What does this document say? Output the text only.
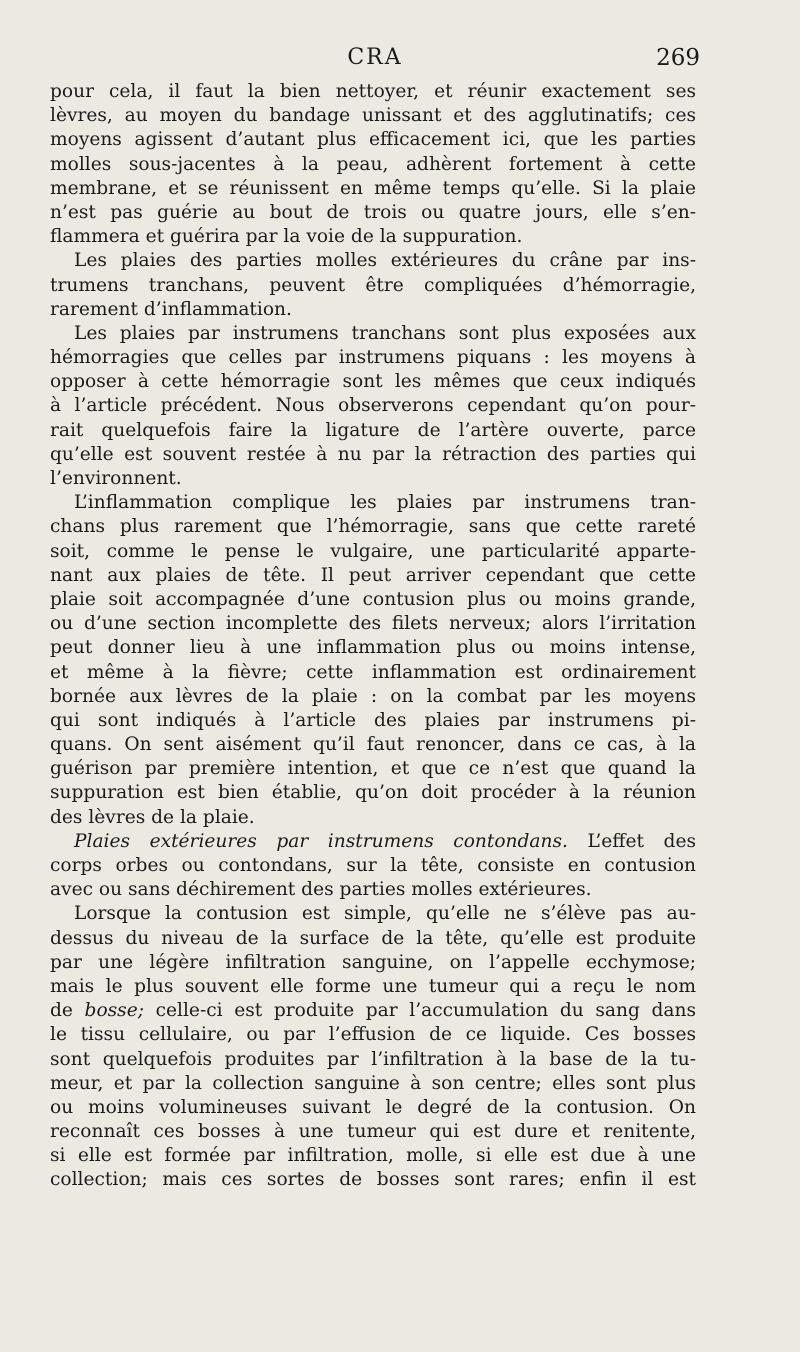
CRA	269
pour cela, il faut la bien nettoyer, et réunir exactement ses
lèvres, au moyen du bandage unissant et des agglutinatifs; ces
moyens agissent d’autant plus efficacement ici, que les parties
molles sous-jacentes à la peau, adhèrent fortement à cette
membrane, et se réunissent en même temps qu’elle. Si la plaie
n’est pas guérie au bout de trois ou quatre jours, elle s’en-
flammera et guérira par la voie de la suppuration.
Les plaies des parties molles extérieures du crâne par ins-
trumens tranchans, peuvent être compliquées d’hémorragie,
rarement d’inflammation.
Les plaies par instrumens tranchans sont plus exposées aux
hémorragies que celles par instrumens piquans : les moyens à
opposer à cette hémorragie sont les mêmes que ceux indiqués
à l’article précédent. Nous observerons cependant qu’on pour-
rait quelquefois faire la ligature de l’artère ouverte, parce
qu’elle est souvent restée à nu par la rétraction des parties qui
l’environnent.
L’inflammation complique les plaies par instrumens tran-
chans plus rarement que l’hémorragie, sans que cette rareté
soit, comme le pense le vulgaire, une particularité apparte-
nant aux plaies de tête. Il peut arriver cependant que cette
plaie soit accompagnée d’une contusion plus ou moins grande,
ou d’une section incomplette des filets nerveux; alors l’irritation
peut donner lieu à une inflammation plus ou moins intense,
et même à la fièvre; cette inflammation est ordinairement
bornée aux lèvres de la plaie : on la combat par les moyens
qui sont indiqués à l’article des plaies par instrumens pi-
quans. On sent aisément qu’il faut renoncer, dans ce cas, à la
guérison par première intention, et que ce n’est que quand la
suppuration est bien établie, qu’on doit procéder à la réunion
des lèvres de la plaie.
Plaies extérieures par instrumens contondans. L’effet des
corps orbes ou contondans, sur la tête, consiste en contusion
avec ou sans déchirement des parties molles extérieures.
Lorsque la contusion est simple, qu’elle ne s’élève pas au-
dessus du niveau de la surface de la tête, qu’elle est produite
par une légère infiltration sanguine, on l’appelle ecchymose;
mais le plus souvent elle forme une tumeur qui a reçu le nom
de bosse; celle-ci est produite par l’accumulation du sang dans
le tissu cellulaire, ou par l’effusion de ce liquide. Ces bosses
sont quelquefois produites par l’infiltration à la base de la tu-
meur, et par la collection sanguine à son centre; elles sont plus
ou moins volumineuses suivant le degré de la contusion. On
reconnaît ces bosses à une tumeur qui est dure et renitente,
si elle est formée par infiltration, molle, si elle est due à une
collection; mais ces sortes de bosses sont rares; enfin il est
